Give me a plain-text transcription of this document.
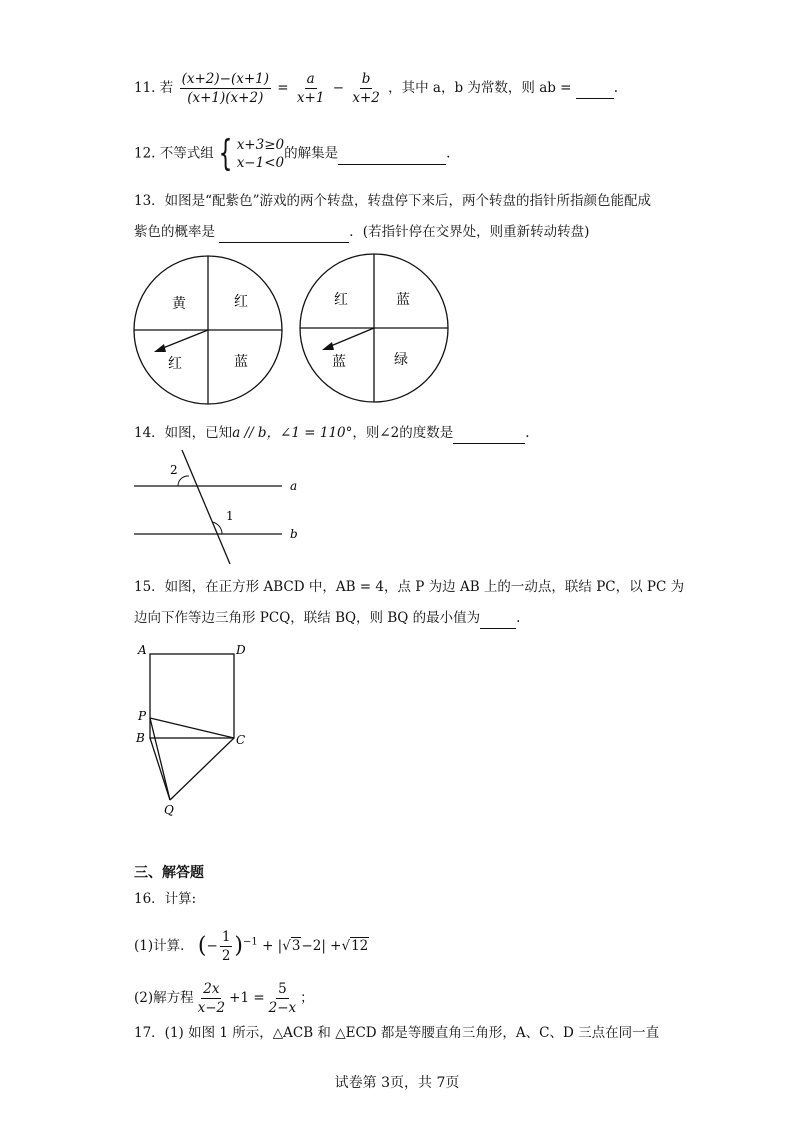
11. 若 $\frac{(x+2)-(x+1)}{(x+1)(x+2)} = \frac{a}{x+1} - \frac{b}{x+2}$ ，其中 a，b 为常数，则 ab =	.
12. 不等式组 { x+3≥0
x−1<0
的解集是	.
13．如图是“配紫色”游戏的两个转盘，转盘停下来后，两个转盘的指针所指颜色能配成
紫色的概率是	．(若指针停在交界处，则重新转动转盘)
黄	红
红	蓝
红	蓝
蓝	绿
14．如图，已知a // b，∠1 = 110°，则∠2的度数是	.
2
1
a
b
15．如图，在正方形 ABCD 中，AB = 4，点 P 为边 AB 上的一动点，联结 PC，以 PC 为
边向下作等边三角形 PCQ，联结 BQ，则 BQ 的最小值为	.
A	D
P
B	C
Q
三、解答题
16．计算:
(1)计算． (− $\frac{1}{2} )^{-1} + |√3-2| +√12$
(2)解方程 $\frac{2x}{x-2} +1 = \frac{5}{2-x}$ ；
17．(1) 如图 1 所示，△ACB 和 △ECD 都是等腰直角三角形，A、C、D 三点在同一直
试卷第 3页，共 7页
